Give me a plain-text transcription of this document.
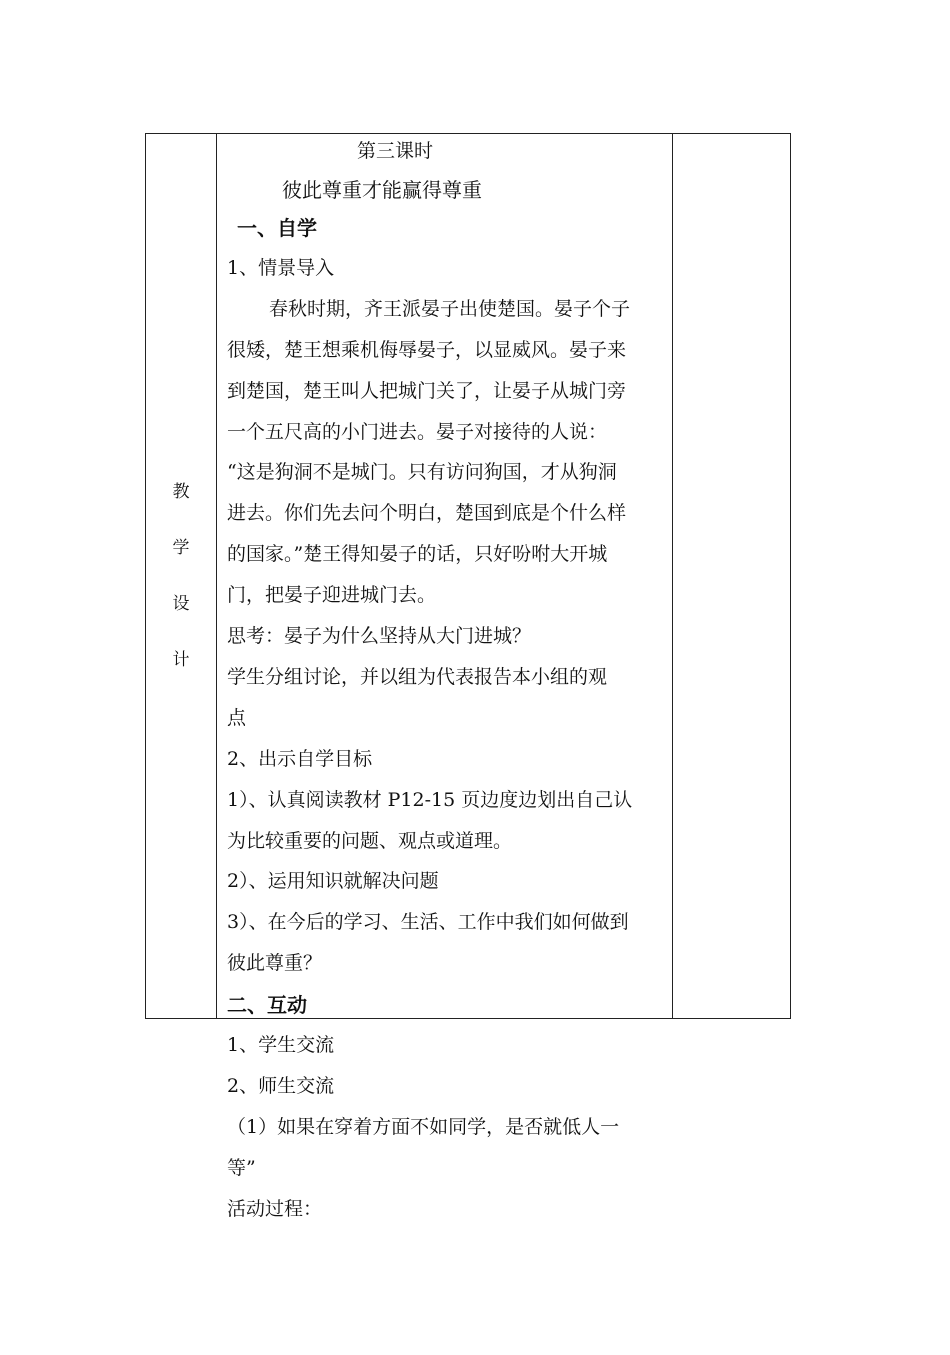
教
学
设
计
第三课时
彼此尊重才能赢得尊重
一、自学
1、情景导入
春秋时期，齐王派晏子出使楚国。晏子个子
很矮，楚王想乘机侮辱晏子，以显威风。晏子来
到楚国，楚王叫人把城门关了，让晏子从城门旁
一个五尺高的小门进去。晏子对接待的人说：
“这是狗洞不是城门。只有访问狗国，才从狗洞
进去。你们先去问个明白，楚国到底是个什么样
的国家。”楚王得知晏子的话，只好吩咐大开城
门，把晏子迎进城门去。
思考：晏子为什么坚持从大门进城？
学生分组讨论，并以组为代表报告本小组的观
点
2、出示自学目标
1）、认真阅读教材 P12-15 页边度边划出自己认
为比较重要的问题、观点或道理。
2）、运用知识就解决问题
3）、在今后的学习、生活、工作中我们如何做到
彼此尊重？
二、互动
1、学生交流
2、师生交流
（1）如果在穿着方面不如同学，是否就低人一
等”
活动过程：
